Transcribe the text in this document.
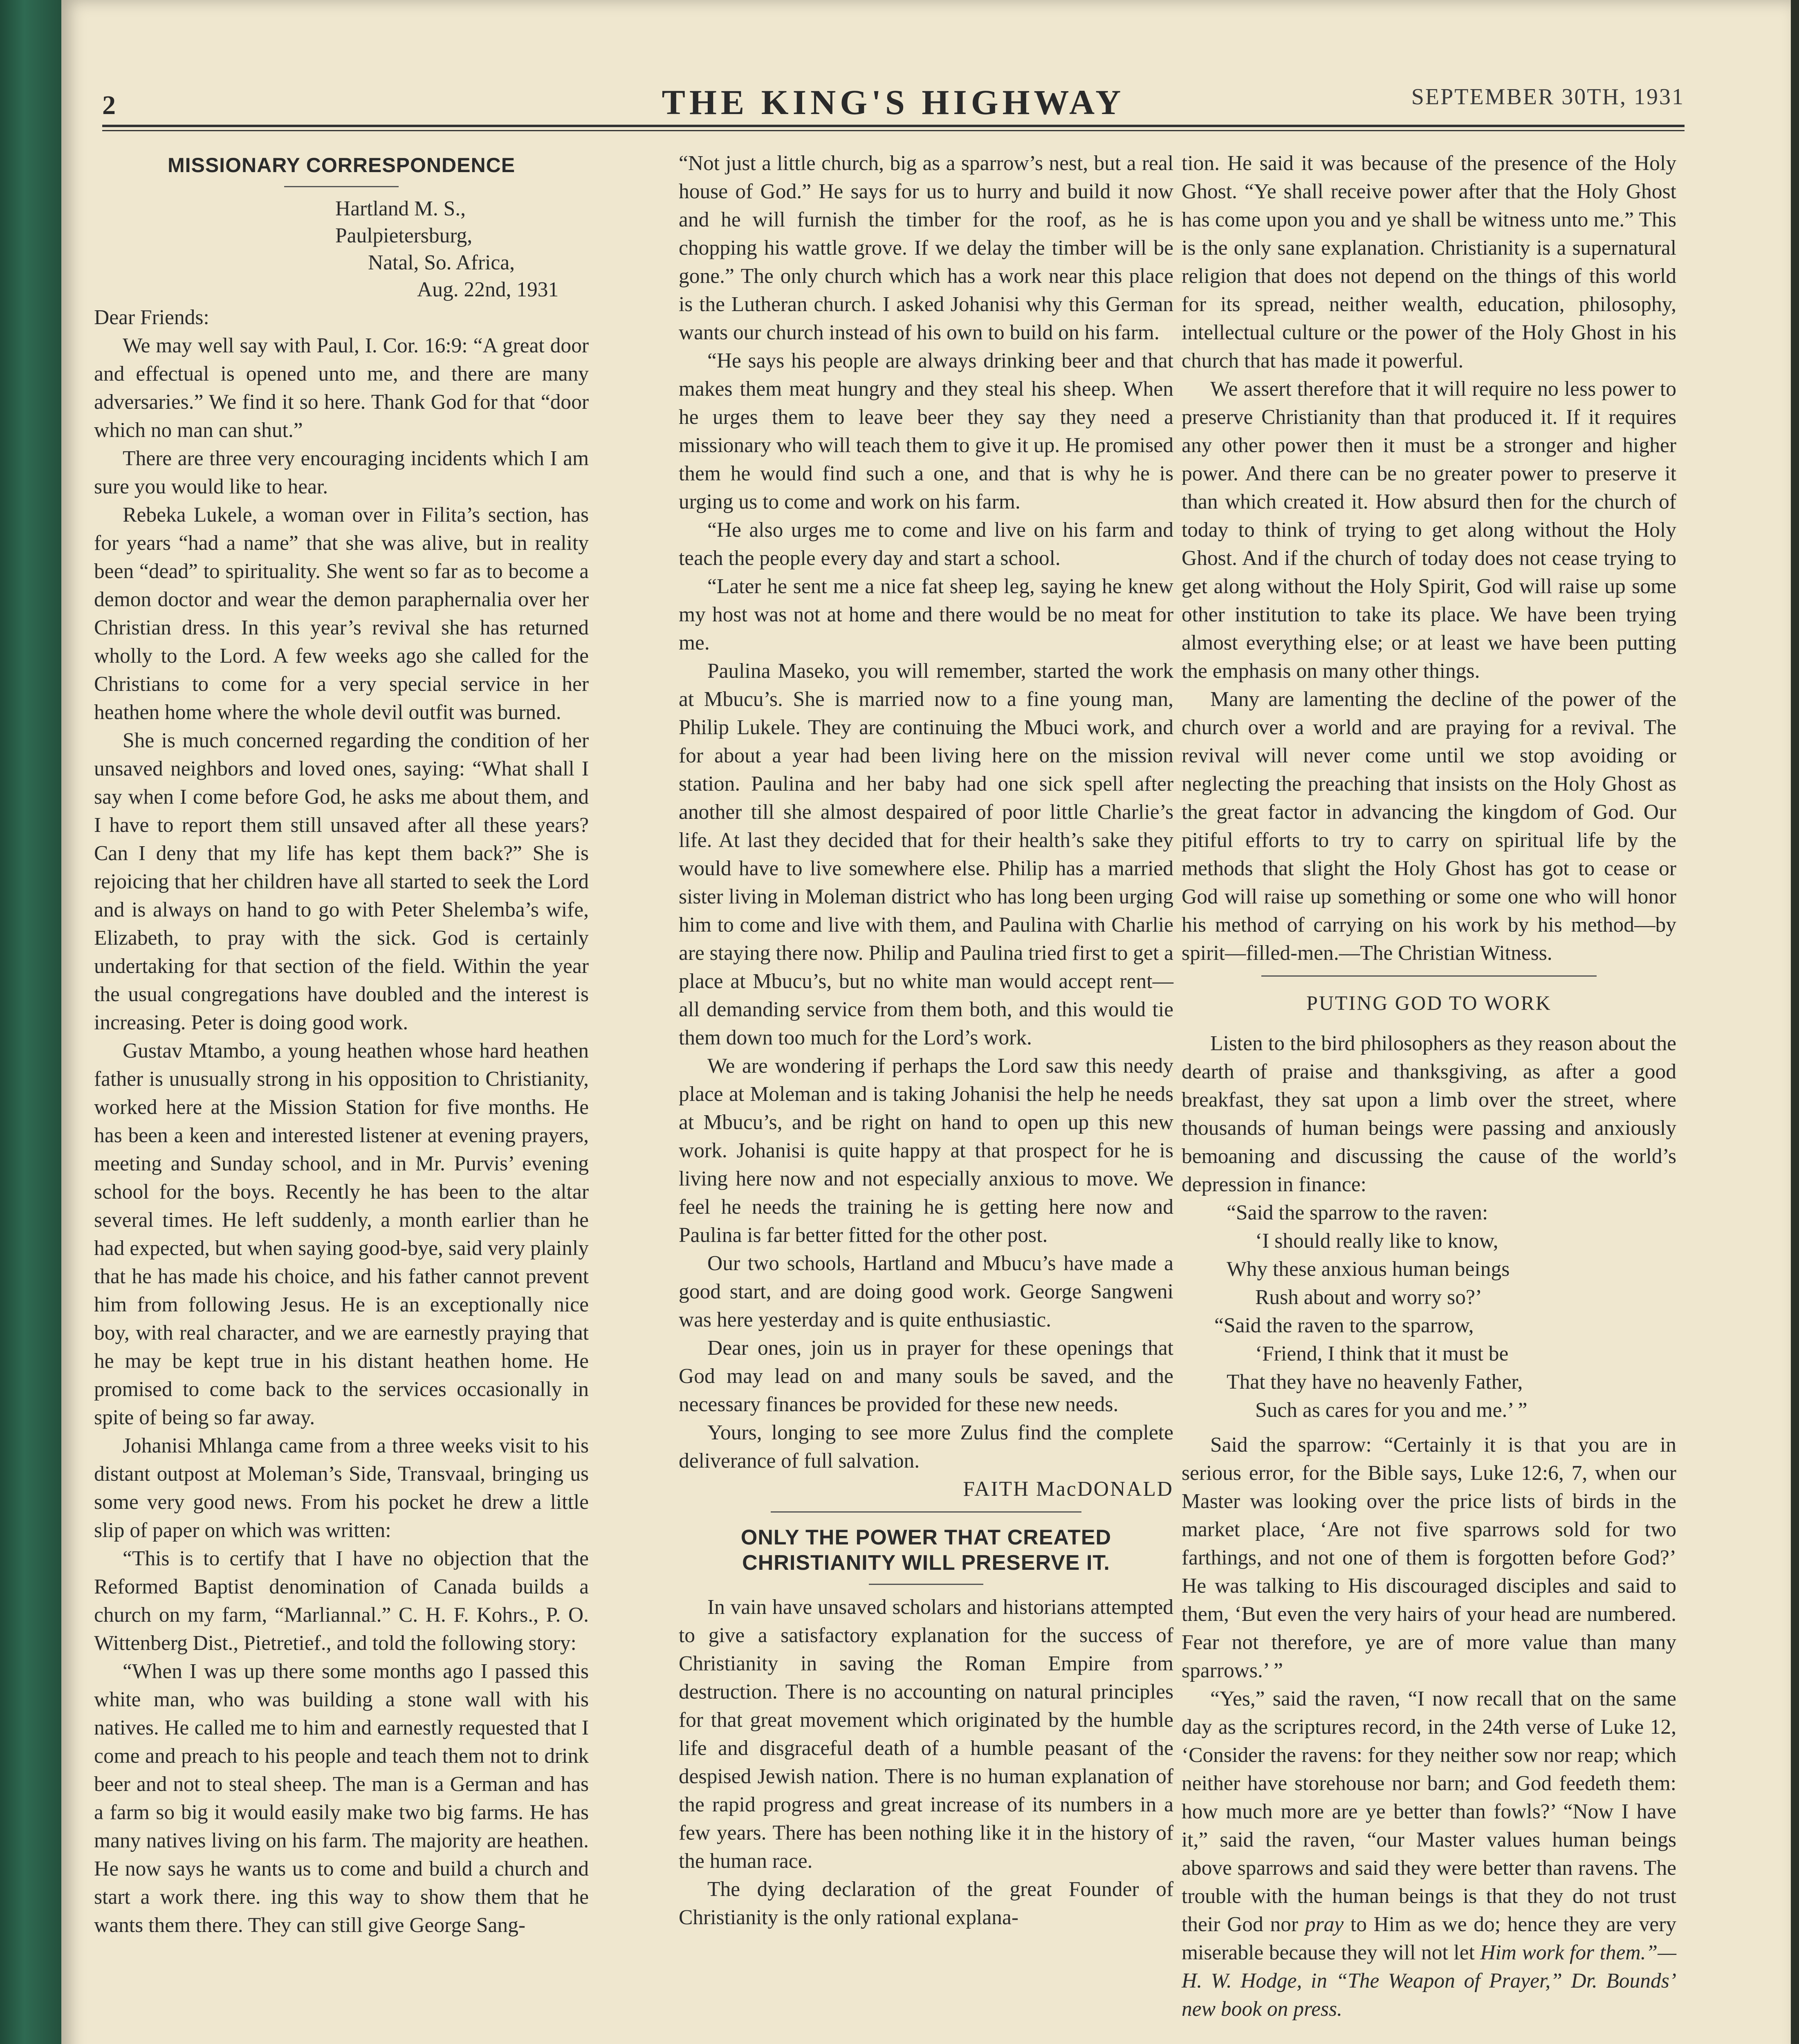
2	THE KING'S HIGHWAY	SEPTEMBER 30TH, 1931
MISSIONARY CORRESPONDENCE
Hartland M. S.,
Paulpietersburg,
Natal, So. Africa,
Aug. 22nd, 1931

Dear Friends:

We may well say with Paul, I. Cor. 16:9: “A great door and effectual is opened unto me, and there are many adversaries.” We find it so here. Thank God for that “door which no man can shut.”

There are three very encouraging incidents which I am sure you would like to hear.

Rebeka Lukele, a woman over in Filita’s section, has for years “had a name” that she was alive, but in reality been “dead” to spirituality. She went so far as to become a demon doctor and wear the demon paraphernalia over her Christian dress. In this year’s revival she has returned wholly to the Lord. A few weeks ago she called for the Christians to come for a very special service in her heathen home where the whole devil outfit was burned.

She is much concerned regarding the condition of her unsaved neighbors and loved ones, saying: “What shall I say when I come before God, he asks me about them, and I have to report them still unsaved after all these years? Can I deny that my life has kept them back?” She is rejoicing that her children have all started to seek the Lord and is always on hand to go with Peter Shelemba’s wife, Elizabeth, to pray with the sick. God is certainly undertaking for that section of the field. Within the year the usual congregations have doubled and the interest is increasing. Peter is doing good work.

Gustav Mtambo, a young heathen whose hard heathen father is unusually strong in his opposition to Christianity, worked here at the Mission Station for five months. He has been a keen and interested listener at evening prayers, meeting and Sunday school, and in Mr. Purvis’ evening school for the boys. Recently he has been to the altar several times. He left suddenly, a month earlier than he had expected, but when saying good-bye, said very plainly that he has made his choice, and his father cannot prevent him from following Jesus. He is an exceptionally nice boy, with real character, and we are earnestly praying that he may be kept true in his distant heathen home. He promised to come back to the services occasionally in spite of being so far away.

Johanisi Mhlanga came from a three weeks visit to his distant outpost at Moleman’s Side, Transvaal, bringing us some very good news. From his pocket he drew a little slip of paper on which was written:

“This is to certify that I have no objection that the Reformed Baptist denomination of Canada builds a church on my farm, “Marliannal.” C. H. F. Kohrs., P. O. Wittenberg Dist., Pietretief., and told the following story:

“When I was up there some months ago I passed this white man, who was building a stone wall with his natives. He called me to him and earnestly requested that I come and preach to his people and teach them not to drink beer and not to steal sheep. The man is a German and has a farm so big it would easily make two big farms. He has many natives living on his farm. The majority are heathen. He now says he wants us to come and build a church and start a work there. ing this way to show them that he wants them there. They can still give George Sang-

“Not just a little church, big as a sparrow’s nest, but a real house of God.” He says for us to hurry and build it now and he will furnish the timber for the roof, as he is chopping his wattle grove. If we delay the timber will be gone.” The only church which has a work near this place is the Lutheran church. I asked Johanisi why this German wants our church instead of his own to build on his farm.

“He says his people are always drinking beer and that makes them meat hungry and they steal his sheep. When he urges them to leave beer they say they need a missionary who will teach them to give it up. He promised them he would find such a one, and that is why he is urging us to come and work on his farm.

“He also urges me to come and live on his farm and teach the people every day and start a school.

“Later he sent me a nice fat sheep leg, saying he knew my host was not at home and there would be no meat for me.

Paulina Maseko, you will remember, started the work at Mbucu’s. She is married now to a fine young man, Philip Lukele. They are continuing the Mbuci work, and for about a year had been living here on the mission station. Paulina and her baby had one sick spell after another till she almost despaired of poor little Charlie’s life. At last they decided that for their health’s sake they would have to live somewhere else. Philip has a married sister living in Moleman district who has long been urging him to come and live with them, and Paulina with Charlie are staying there now. Philip and Paulina tried first to get a place at Mbucu’s, but no white man would accept rent—all demanding service from them both, and this would tie them down too much for the Lord’s work.

We are wondering if perhaps the Lord saw this needy place at Moleman and is taking Johanisi the help he needs at Mbucu’s, and be right on hand to open up this new work. Johanisi is quite happy at that prospect for he is living here now and not especially anxious to move. We feel he needs the training he is getting here now and Paulina is far better fitted for the other post.

Our two schools, Hartland and Mbucu’s have made a good start, and are doing good work. George Sangweni was here yesterday and is quite enthusiastic.

Dear ones, join us in prayer for these openings that God may lead on and many souls be saved, and the necessary finances be provided for these new needs.

Yours, longing to see more Zulus find the complete deliverance of full salvation.

FAITH MacDONALD

ONLY THE POWER THAT CREATED CHRISTIANITY WILL PRESERVE IT.

In vain have unsaved scholars and historians attempted to give a satisfactory explanation for the success of Christianity in saving the Roman Empire from destruction. There is no accounting on natural principles for that great movement which originated by the humble life and disgraceful death of a humble peasant of the despised Jewish nation. There is no human explanation of the rapid progress and great increase of its numbers in a few years. There has been nothing like it in the history of the human race.

The dying declaration of the great Founder of Christianity is the only rational explana-

tion. He said it was because of the presence of the Holy Ghost. “Ye shall receive power after that the Holy Ghost has come upon you and ye shall be witness unto me.” This is the only sane explanation. Christianity is a supernatural religion that does not depend on the things of this world for its spread, neither wealth, education, philosophy, intellectual culture or the power of the Holy Ghost in his church that has made it powerful.

We assert therefore that it will require no less power to preserve Christianity than that produced it. If it requires any other power then it must be a stronger and higher power. And there can be no greater power to preserve it than which created it. How absurd then for the church of today to think of trying to get along without the Holy Ghost. And if the church of today does not cease trying to get along without the Holy Spirit, God will raise up some other institution to take its place. We have been trying almost everything else; or at least we have been putting the emphasis on many other things.

Many are lamenting the decline of the power of the church over a world and are praying for a revival. The revival will never come until we stop avoiding or neglecting the preaching that insists on the Holy Ghost as the great factor in advancing the kingdom of God. Our pitiful efforts to try to carry on spiritual life by the methods that slight the Holy Ghost has got to cease or God will raise up something or some one who will honor his method of carrying on his work by his method—by spirit—filled-men.—The Christian Witness.

PUTING GOD TO WORK

Listen to the bird philosophers as they reason about the dearth of praise and thanksgiving, as after a good breakfast, they sat upon a limb over the street, where thousands of human beings were passing and anxiously bemoaning and discussing the cause of the world’s depression in finance:

“Said the sparrow to the raven:
‘I should really like to know,
Why these anxious human beings
Rush about and worry so?’
“Said the raven to the sparrow,
‘Friend, I think that it must be
That they have no heavenly Father,
Such as cares for you and me.’ ”

Said the sparrow: “Certainly it is that you are in serious error, for the Bible says, Luke 12:6, 7, when our Master was looking over the price lists of birds in the market place, ‘Are not five sparrows sold for two farthings, and not one of them is forgotten before God?’ He was talking to His discouraged disciples and said to them, ‘But even the very hairs of your head are numbered. Fear not therefore, ye are of more value than many sparrows.’ ”

“Yes,” said the raven, “I now recall that on the same day as the scriptures record, in the 24th verse of Luke 12, ‘Consider the ravens: for they neither sow nor reap; which neither have storehouse nor barn; and God feedeth them: how much more are ye better than fowls?’ “Now I have it,” said the raven, “our Master values human beings above sparrows and said they were better than ravens. The trouble with the human beings is that they do not trust their God nor pray to Him as we do; hence they are very miserable because they will not let Him work for them.”—H. W. Hodge, in “The Weapon of Prayer,” Dr. Bounds’ new book on press.
